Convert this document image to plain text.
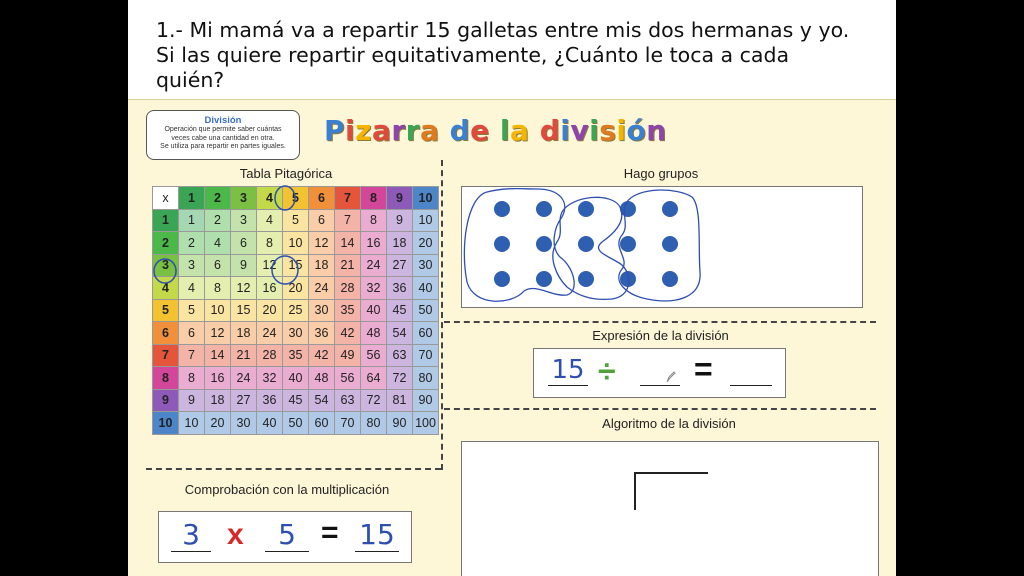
1.- Mi mamá va a repartir 15 galletas entre mis dos hermanas y yo.
Si las quiere repartir equitativamente, ¿Cuánto le toca a cada
quién?
División
Operación que permite saber cuántas
veces cabe una cantidad en otra.
Se utiliza para repartir en partes iguales.	Pizarra de la división
Tabla Pitagórica
x	1	2	3	4	5	6	7	8	9	10
1	1	2	3	4	5	6	7	8	9	10
2	2	4	6	8	10	12	14	16	18	20
3	3	6	9	12	15	18	21	24	27	30
4	4	8	12	16	20	24	28	32	36	40
5	5	10	15	20	25	30	35	40	45	50
6	6	12	18	24	30	36	42	48	54	60
7	7	14	21	28	35	42	49	56	63	70
8	8	16	24	32	40	48	56	64	72	80
9	9	18	27	36	45	54	63	72	81	90
10	10	20	30	40	50	60	70	80	90	100
Hago grupos
Expresión de la división
15 ÷ =
Algoritmo de la división
Comprobación con la multiplicación
3 x	5 = 15
